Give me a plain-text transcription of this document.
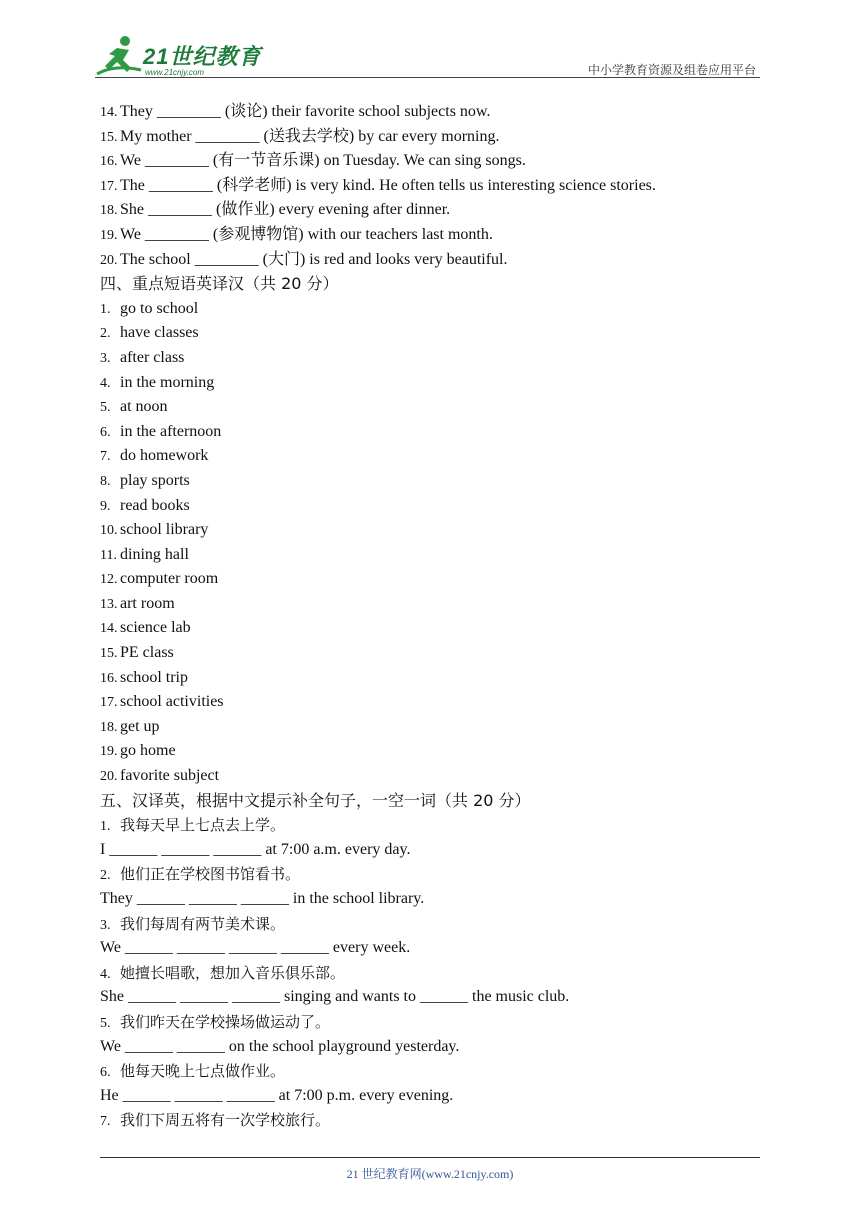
21世纪教育
www.21cnjy.com	中小学教育资源及组卷应用平台
14. They ________ (谈论) their favorite school subjects now.
15. My mother ________ (送我去学校) by car every morning.
16. We ________ (有一节音乐课) on Tuesday. We can sing songs.
17. The ________ (科学老师) is very kind. He often tells us interesting science stories.
18. She ________ (做作业) every evening after dinner.
19. We ________ (参观博物馆) with our teachers last month.
20. The school ________ (大门) is red and looks very beautiful.
四、重点短语英译汉（共 20 分）
1. go to school
2. have classes
3. after class
4. in the morning
5. at noon
6. in the afternoon
7. do homework
8. play sports
9. read books
10. school library
11. dining hall
12. computer room
13. art room
14. science lab
15. PE class
16. school trip
17. school activities
18. get up
19. go home
20. favorite subject
五、汉译英，根据中文提示补全句子，一空一词（共 20 分）
1. 我每天早上七点去上学。
I ______ ______ ______ at 7:00 a.m. every day.
2. 他们正在学校图书馆看书。
They ______ ______ ______ in the school library.
3. 我们每周有两节美术课。
We ______ ______ ______ ______ every week.
4. 她擅长唱歌，想加入音乐俱乐部。
She ______ ______ ______ singing and wants to ______ the music club.
5. 我们昨天在学校操场做运动了。
We ______ ______ on the school playground yesterday.
6. 他每天晚上七点做作业。
He ______ ______ ______ at 7:00 p.m. every evening.
7. 我们下周五将有一次学校旅行。
21 世纪教育网(www.21cnjy.com)
